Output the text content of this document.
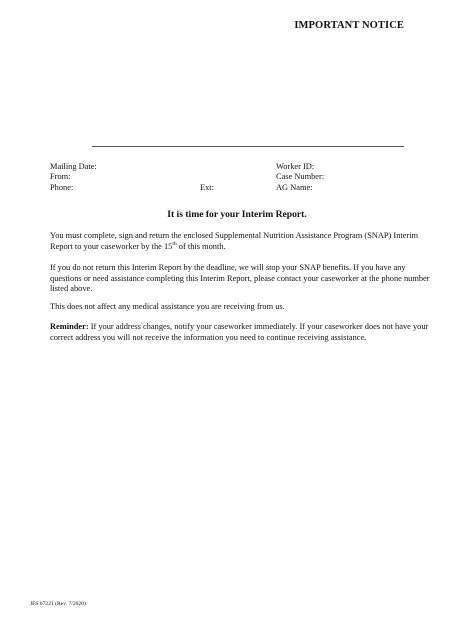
IMPORTANT NOTICE
Mailing Date:	Worker ID:
From:	Case Number:
Phone:	Ext:	AG Name:
It is time for your Interim Report.

You must complete, sign and return the enclosed Supplemental Nutrition Assistance Program (SNAP) Interim Report to your caseworker by the 15th of this month.

If you do not return this Interim Report by the deadline, we will stop your SNAP benefits. If you have any questions or need assistance completing this Interim Report, please contact your caseworker at the phone number listed above.

This does not affect any medical assistance you are receiving from us.

Reminder: If your address changes, notify your caseworker immediately. If your caseworker does not have your correct address you will not receive the information you need to continue receiving assistance.

JFS 07221 (Rev. 7/2020)
